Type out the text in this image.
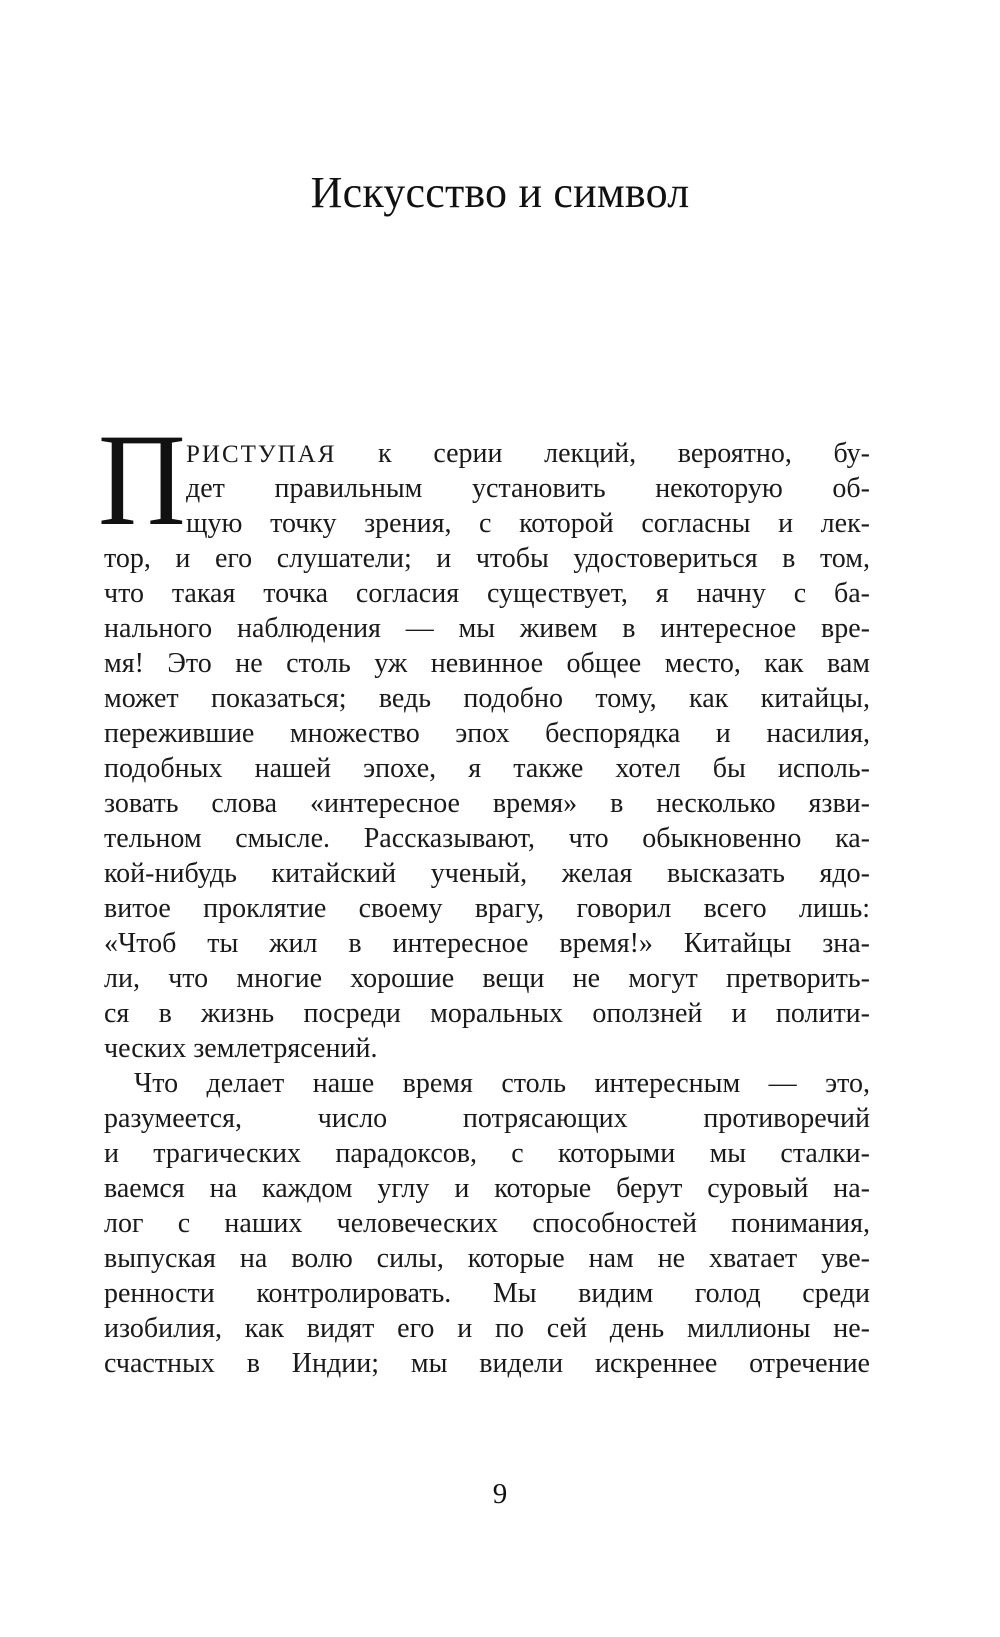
Искусство и символ
П РИСТУПАЯ к серии лекций, вероятно, бу-
дет правильным установить некоторую об-
щую точку зрения, с которой согласны и лек-
тор, и его слушатели; и чтобы удостовериться в том,
что такая точка согласия существует, я начну с ба-
нального наблюдения — мы живем в интересное вре-
мя! Это не столь уж невинное общее место, как вам
может показаться; ведь подобно тому, как китайцы,
пережившие множество эпох беспорядка и насилия,
подобных нашей эпохе, я также хотел бы исполь-
зовать слова «интересное время» в несколько язви-
тельном смысле. Рассказывают, что обыкновенно ка-
кой-нибудь китайский ученый, желая высказать ядо-
витое проклятие своему врагу, говорил всего лишь:
«Чтоб ты жил в интересное время!» Китайцы зна-
ли, что многие хорошие вещи не могут претворить-
ся в жизнь посреди моральных оползней и полити-
ческих землетрясений.
Что делает наше время столь интересным — это,
разумеется, число потрясающих противоречий
и трагических парадоксов, с которыми мы сталки-
ваемся на каждом углу и которые берут суровый на-
лог с наших человеческих способностей понимания,
выпуская на волю силы, которые нам не хватает уве-
ренности контролировать. Мы видим голод среди
изобилия, как видят его и по сей день миллионы не-
счастных в Индии; мы видели искреннее отречение
9
